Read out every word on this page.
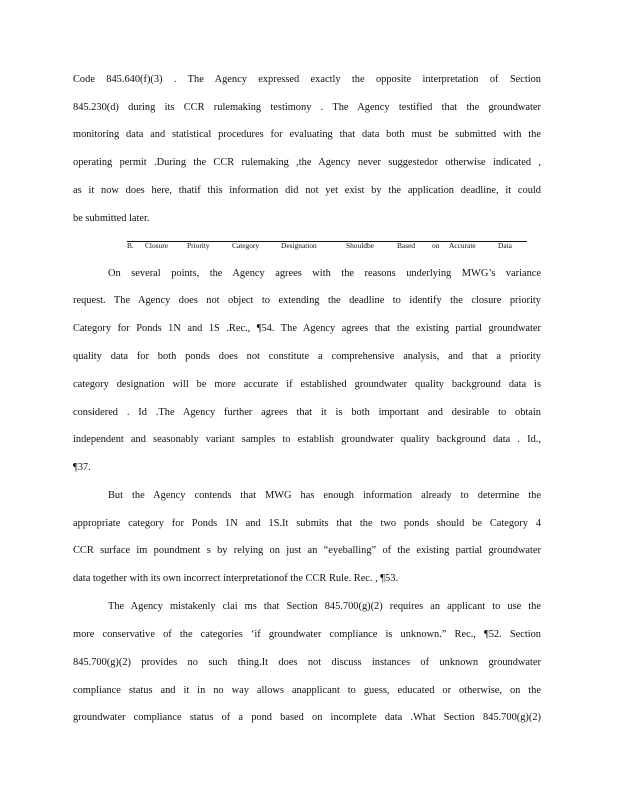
Code 845.640(f)(3) . The Agency expressed exactly the opposite interpretation of Section
845.230(d) during its CCR rulemaking testimony . The Agency testified that the groundwater
monitoring data and statistical procedures for evaluating that data both must be submitted with the
operating permit .During the CCR rulemaking ,the Agency never suggestedor otherwise indicated ,
as it now does here, thatif this information did not yet exist by the application deadline, it could
be submitted later.
B. Closure	Priority	Category	Designation	Shouldbe	Based on Accurate	Data
On several points, the Agency agrees with the reasons underlying MWG’s variance
request. The Agency does not object to extending the deadline to identify the closure priority
Category for Ponds 1N and 1S .Rec., ¶54. The Agency agrees that the existing partial groundwater
quality data for both ponds does not constitute a comprehensive analysis, and that a priority
category designation will be more accurate if established groundwater quality background data is
considered . Id .The Agency further agrees that it is both important and desirable to obtain
independent and seasonably variant samples to establish groundwater quality background data . Id.,
¶37.
But the Agency contends that MWG has enough information already to determine the
appropriate category for Ponds 1N and 1S.It submits that the two ponds should be Category 4
CCR surface im poundment s by relying on just an “eyeballing” of the existing partial groundwater
data together with its own incorrect interpretationof the CCR Rule. Rec. , ¶53.
The Agency mistakenly clai ms that Section 845.700(g)(2) requires an applicant to use the
more conservative of the categories ‘if groundwater compliance is unknown.” Rec., ¶52. Section
845.700(g)(2) provides no such thing.It does not discuss instances of unknown groundwater
compliance status and it in no way allows anapplicant to guess, educated or otherwise, on the
groundwater compliance status of a pond based on incomplete data .What Section 845.700(g)(2)
